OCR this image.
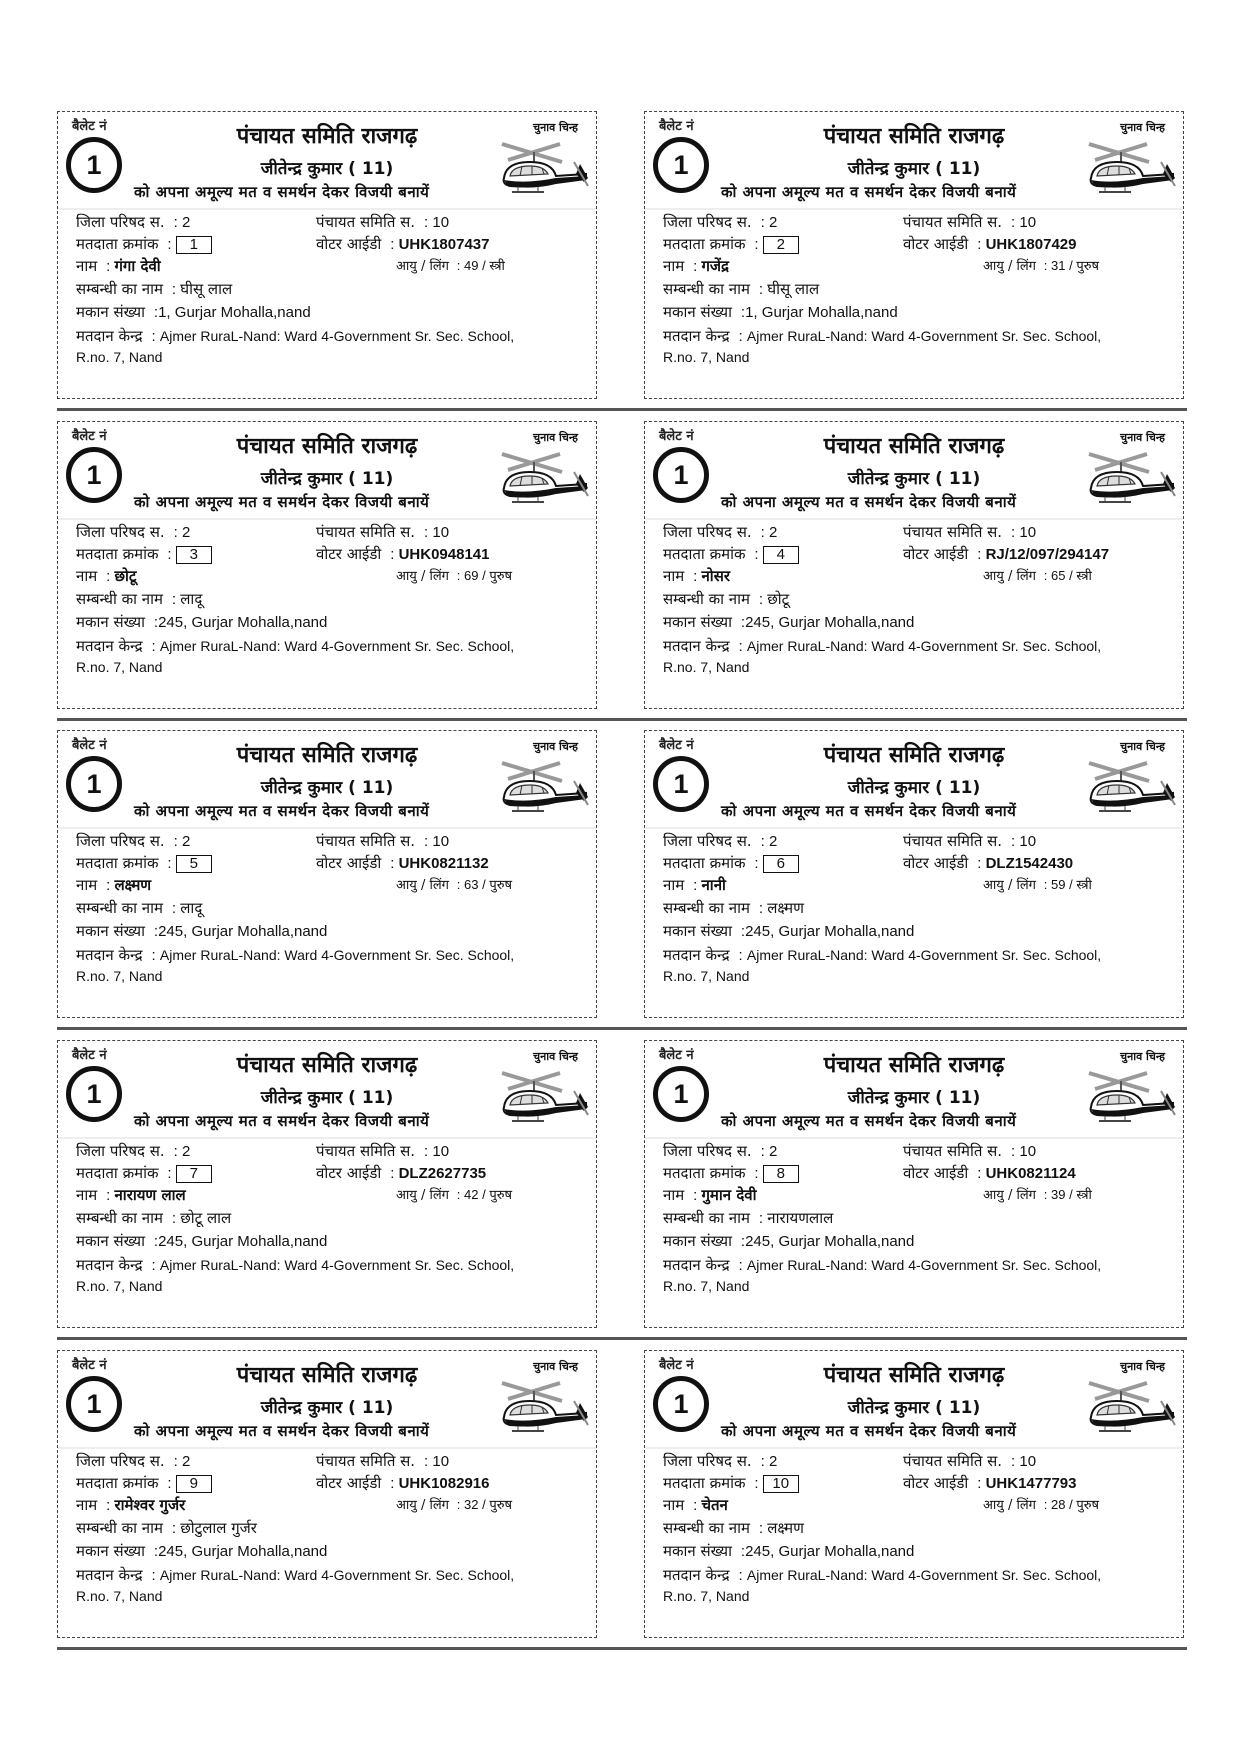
बैलेट नं
1
पंचायत समिति राजगढ़
जीतेन्द्र कुमार ( 11)
को अपना अमूल्य मत व समर्थन देकर विजयी बनायें
चुनाव चिन्ह
जिला परिषद स. : 2	पंचायत समिति स. : 10
मतदाता क्रमांक : 1	वोटर आईडी : UHK1807437
नाम : गंगा देवी	आयु / लिंग : 49 / स्त्री
सम्बन्धी का नाम : घीसू लाल
मकान संख्या :1, Gurjar Mohalla,nand
मतदान केन्द्र : Ajmer RuraL-Nand: Ward 4-Government Sr. Sec. School,
R.no. 7, Nand
बैलेट नं
1
पंचायत समिति राजगढ़
जीतेन्द्र कुमार ( 11)
को अपना अमूल्य मत व समर्थन देकर विजयी बनायें
चुनाव चिन्ह
जिला परिषद स. : 2	पंचायत समिति स. : 10
मतदाता क्रमांक : 2	वोटर आईडी : UHK1807429
नाम : गजेंद्र	आयु / लिंग : 31 / पुरुष
सम्बन्धी का नाम : घीसू लाल
मकान संख्या :1, Gurjar Mohalla,nand
मतदान केन्द्र : Ajmer RuraL-Nand: Ward 4-Government Sr. Sec. School,
R.no. 7, Nand
बैलेट नं
1
पंचायत समिति राजगढ़
जीतेन्द्र कुमार ( 11)
को अपना अमूल्य मत व समर्थन देकर विजयी बनायें
चुनाव चिन्ह
जिला परिषद स. : 2	पंचायत समिति स. : 10
मतदाता क्रमांक : 3	वोटर आईडी : UHK0948141
नाम : छोटू	आयु / लिंग : 69 / पुरुष
सम्बन्धी का नाम : लादू
मकान संख्या :245, Gurjar Mohalla,nand
मतदान केन्द्र : Ajmer RuraL-Nand: Ward 4-Government Sr. Sec. School,
R.no. 7, Nand
बैलेट नं
1
पंचायत समिति राजगढ़
जीतेन्द्र कुमार ( 11)
को अपना अमूल्य मत व समर्थन देकर विजयी बनायें
चुनाव चिन्ह
जिला परिषद स. : 2	पंचायत समिति स. : 10
मतदाता क्रमांक : 4	वोटर आईडी : RJ/12/097/294147
नाम : नोसर	आयु / लिंग : 65 / स्त्री
सम्बन्धी का नाम : छोटू
मकान संख्या :245, Gurjar Mohalla,nand
मतदान केन्द्र : Ajmer RuraL-Nand: Ward 4-Government Sr. Sec. School,
R.no. 7, Nand
बैलेट नं
1
पंचायत समिति राजगढ़
जीतेन्द्र कुमार ( 11)
को अपना अमूल्य मत व समर्थन देकर विजयी बनायें
चुनाव चिन्ह
जिला परिषद स. : 2	पंचायत समिति स. : 10
मतदाता क्रमांक : 5	वोटर आईडी : UHK0821132
नाम : लक्ष्मण	आयु / लिंग : 63 / पुरुष
सम्बन्धी का नाम : लादू
मकान संख्या :245, Gurjar Mohalla,nand
मतदान केन्द्र : Ajmer RuraL-Nand: Ward 4-Government Sr. Sec. School,
R.no. 7, Nand
बैलेट नं
1
पंचायत समिति राजगढ़
जीतेन्द्र कुमार ( 11)
को अपना अमूल्य मत व समर्थन देकर विजयी बनायें
चुनाव चिन्ह
जिला परिषद स. : 2	पंचायत समिति स. : 10
मतदाता क्रमांक : 6	वोटर आईडी : DLZ1542430
नाम : नानी	आयु / लिंग : 59 / स्त्री
सम्बन्धी का नाम : लक्ष्मण
मकान संख्या :245, Gurjar Mohalla,nand
मतदान केन्द्र : Ajmer RuraL-Nand: Ward 4-Government Sr. Sec. School,
R.no. 7, Nand
बैलेट नं
1
पंचायत समिति राजगढ़
जीतेन्द्र कुमार ( 11)
को अपना अमूल्य मत व समर्थन देकर विजयी बनायें
चुनाव चिन्ह
जिला परिषद स. : 2	पंचायत समिति स. : 10
मतदाता क्रमांक : 7	वोटर आईडी : DLZ2627735
नाम : नारायण लाल	आयु / लिंग : 42 / पुरुष
सम्बन्धी का नाम : छोटू लाल
मकान संख्या :245, Gurjar Mohalla,nand
मतदान केन्द्र : Ajmer RuraL-Nand: Ward 4-Government Sr. Sec. School,
R.no. 7, Nand
बैलेट नं
1
पंचायत समिति राजगढ़
जीतेन्द्र कुमार ( 11)
को अपना अमूल्य मत व समर्थन देकर विजयी बनायें
चुनाव चिन्ह
जिला परिषद स. : 2	पंचायत समिति स. : 10
मतदाता क्रमांक : 8	वोटर आईडी : UHK0821124
नाम : गुमान देवी	आयु / लिंग : 39 / स्त्री
सम्बन्धी का नाम : नारायणलाल
मकान संख्या :245, Gurjar Mohalla,nand
मतदान केन्द्र : Ajmer RuraL-Nand: Ward 4-Government Sr. Sec. School,
R.no. 7, Nand
बैलेट नं
1
पंचायत समिति राजगढ़
जीतेन्द्र कुमार ( 11)
को अपना अमूल्य मत व समर्थन देकर विजयी बनायें
चुनाव चिन्ह
जिला परिषद स. : 2	पंचायत समिति स. : 10
मतदाता क्रमांक : 9	वोटर आईडी : UHK1082916
नाम : रामेश्वर गुर्जर	आयु / लिंग : 32 / पुरुष
सम्बन्धी का नाम : छोटुलाल गुर्जर
मकान संख्या :245, Gurjar Mohalla,nand
मतदान केन्द्र : Ajmer RuraL-Nand: Ward 4-Government Sr. Sec. School,
R.no. 7, Nand
बैलेट नं
1
पंचायत समिति राजगढ़
जीतेन्द्र कुमार ( 11)
को अपना अमूल्य मत व समर्थन देकर विजयी बनायें
चुनाव चिन्ह
जिला परिषद स. : 2	पंचायत समिति स. : 10
मतदाता क्रमांक : 10	वोटर आईडी : UHK1477793
नाम : चेतन	आयु / लिंग : 28 / पुरुष
सम्बन्धी का नाम : लक्ष्मण
मकान संख्या :245, Gurjar Mohalla,nand
मतदान केन्द्र : Ajmer RuraL-Nand: Ward 4-Government Sr. Sec. School,
R.no. 7, Nand
